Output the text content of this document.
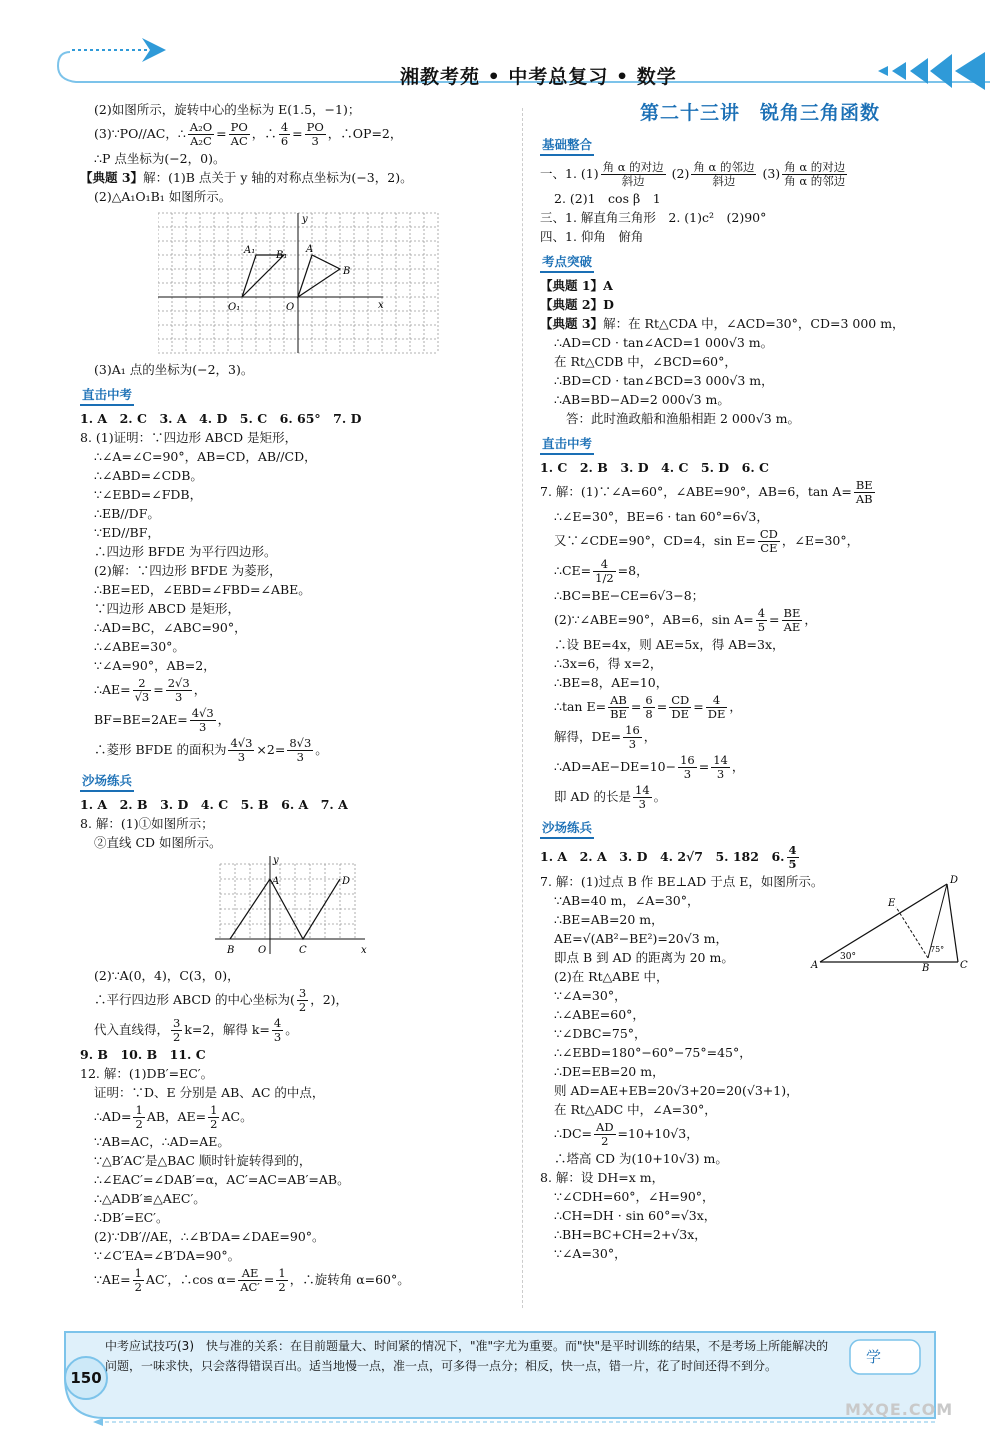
湘教考苑 • 中考总复习 • 数学
(2)如图所示，旋转中心的坐标为 E(1.5，−1)；
(3)∵PO//AC，∴ $\frac{\text{A₂O}}{\text{A₂C}} = \frac{PO}{AC}$ ，∴ $\frac{4}{6} = \frac{PO}{3}$ ，∴OP=2，
∴P 点坐标为(−2，0)。
【典题 3】解：(1)B 点关于 y 轴的对称点坐标为(−3，2)。
(2)△A₁O₁B₁ 如图所示。
x
y
A₁ B₁
A
B
O₁	O
(3)A₁ 点的坐标为(−2，3)。
直击中考
1. A　2. C　3. A　4. D　5. C　6. 65°　7. D
8. (1)证明：∵四边形 ABCD 是矩形，
∴∠A=∠C=90°，AB=CD，AB//CD，
∴∠ABD=∠CDB。
∵∠EBD=∠FDB，
∴EB//DF。
∵ED//BF，
∴四边形 BFDE 为平行四边形。
(2)解：∵四边形 BFDE 为菱形，
∴BE=ED，∠EBD=∠FBD=∠ABE。
∵四边形 ABCD 是矩形，
∴AD=BC，∠ABC=90°，
∴∠ABE=30°。
∵∠A=90°，AB=2，
∴AE= $\frac{2}{√3} = \frac{2√3}{3}$ ，
$BF=BE=2AE= \frac{4√3}{3}$ ，
∴菱形 BFDE 的面积为 $\frac{4√3}{3} \times 2= \frac{8√3}{3}$ 。
沙场练兵
1. A　2. B　3. D　4. C　5. B　6. A　7. A
8. 解：(1)①如图所示；
②直线 CD 如图所示。
y
A	D
B O	C	x
(2)∵A(0，4)，C(3，0)，
∴平行四边形 ABCD 的中心坐标为( $\frac{3}{2}$ ，2)，
代入直线得， $\frac{3}{2} k=2$，解得 $k= \frac{4}{3}$ 。
9. B　10. B　11. C
12. 解：(1)DB′=EC′。
证明：∵D、E 分别是 AB、AC 的中点，
∴AD= $\frac{1}{2}$ AB，$AE= \frac{1}{2}$ AC。
∵AB=AC，∴AD=AE。
∵△B′AC′是△BAC 顺时针旋转得到的，
∴∠EAC′=∠DAB′=α，AC′=AC=AB′=AB。
∴△ADB′≌△AEC′。
∴DB′=EC′。
(2)∵DB′//AE，∴∠B′DA=∠DAE=90°。
∵∠C′EA=∠B′DA=90°。
∵AE= $\frac{1}{2} AC'$，∴cos $\alpha= \frac{AE}{AC'} = \frac{1}{2}$ ，∴旋转角 α=60°。
第二十三讲　锐角三角函数
基础整合
一、1. $(1) \frac{\text{角 α 的对边}}{\text{斜边}} (2) \frac{\text{角 α 的邻边}}{\text{斜边}} (3) \frac{\text{角 α 的对边}}{\text{角 α 的邻边}}$
2. (2)1　cos β　1
三、1. 解直角三角形　2. (1)c²　(2)90°
四、1. 仰角　俯角
考点突破
【典题 1】A
【典题 2】D
【典题 3】解：在 Rt△CDA 中，∠ACD=30°，CD=3 000 m，
∴AD=CD · tan∠ACD=1 000√3 m。
在 Rt△CDB 中，∠BCD=60°，
∴BD=CD · tan∠BCD=3 000√3 m，
∴AB=BD−AD=2 000√3 m。
答：此时渔政船和渔船相距 2 000√3 m。
直击中考
1. C　2. B　3. D　4. C　5. D　6. C
7. 解：(1)∵∠A=60°，∠ABE=90°，AB=6，$\tan A= \frac{BE}{AB}$
∴∠E=30°，BE=6 · tan 60°=6√3，
又∵∠CDE=90°，CD=4，$\sin E= \frac{CD}{CE}$ ，∠E=30°，
∴CE= $\frac{4}{1/2} =8$，
∴BC=BE−CE=6√3−8；
(2)∵∠ABE=90°，AB=6，$\sin A= \frac{4}{5} = \frac{BE}{AE}$ ，
∴设 BE=4x，则 AE=5x，得 AB=3x，
∴3x=6，得 x=2，
∴BE=8，AE=10，
∴tan $E= \frac{AB}{BE} = \frac{6}{8} = \frac{CD}{DE} = \frac{4}{DE}$ ，
解得，$DE= \frac{16}{3}$ ，
∴AD=AE−DE=10− $\frac{16}{3} = \frac{14}{3}$ ，
即 AD 的长是 $\frac{14}{3}$ 。
沙场练兵
1. A　2. A　3. D　4. 2√7　5. 182　6. $\frac{4}{5}$
7. 解：(1)过点 B 作 BE⊥AD 于点 E，如图所示。
∵AB=40 m，∠A=30°，
∴BE=AB=20 m，
AE=√(AB²−BE²)=20√3 m，
即点 B 到 AD 的距离为 20 m。
(2)在 Rt△ABE 中，
∵∠A=30°，
∴∠ABE=60°，
∵∠DBC=75°，
∴∠EBD=180°−60°−75°=45°，
∴DE=EB=20 m，
则 AD=AE+EB=20√3+20=20(√3+1)，
在 Rt△ADC 中，∠A=30°，
∴DC= $\frac{AD}{2} =10+10√3$，
∴塔高 CD 为(10+10√3) m。
D
E
A	B	C
30°
75°
8. 解：设 DH=x m，
∵∠CDH=60°，∠H=90°，
∴CH=DH · sin 60°=√3x，
∴BH=BC+CH=2+√3x，
∵∠A=30°，
150
中考应试技巧(3)　快与准的关系：在目前题量大、时间紧的情况下，"准"字尤为重要。而"快"是平时训练的结果，不是考场上所能解决的问题，一味求快，只会落得错误百出。适当地慢一点，准一点，可多得一点分；相反，快一点，错一片，花了时间还得不到分。	学
MXQE.COM
